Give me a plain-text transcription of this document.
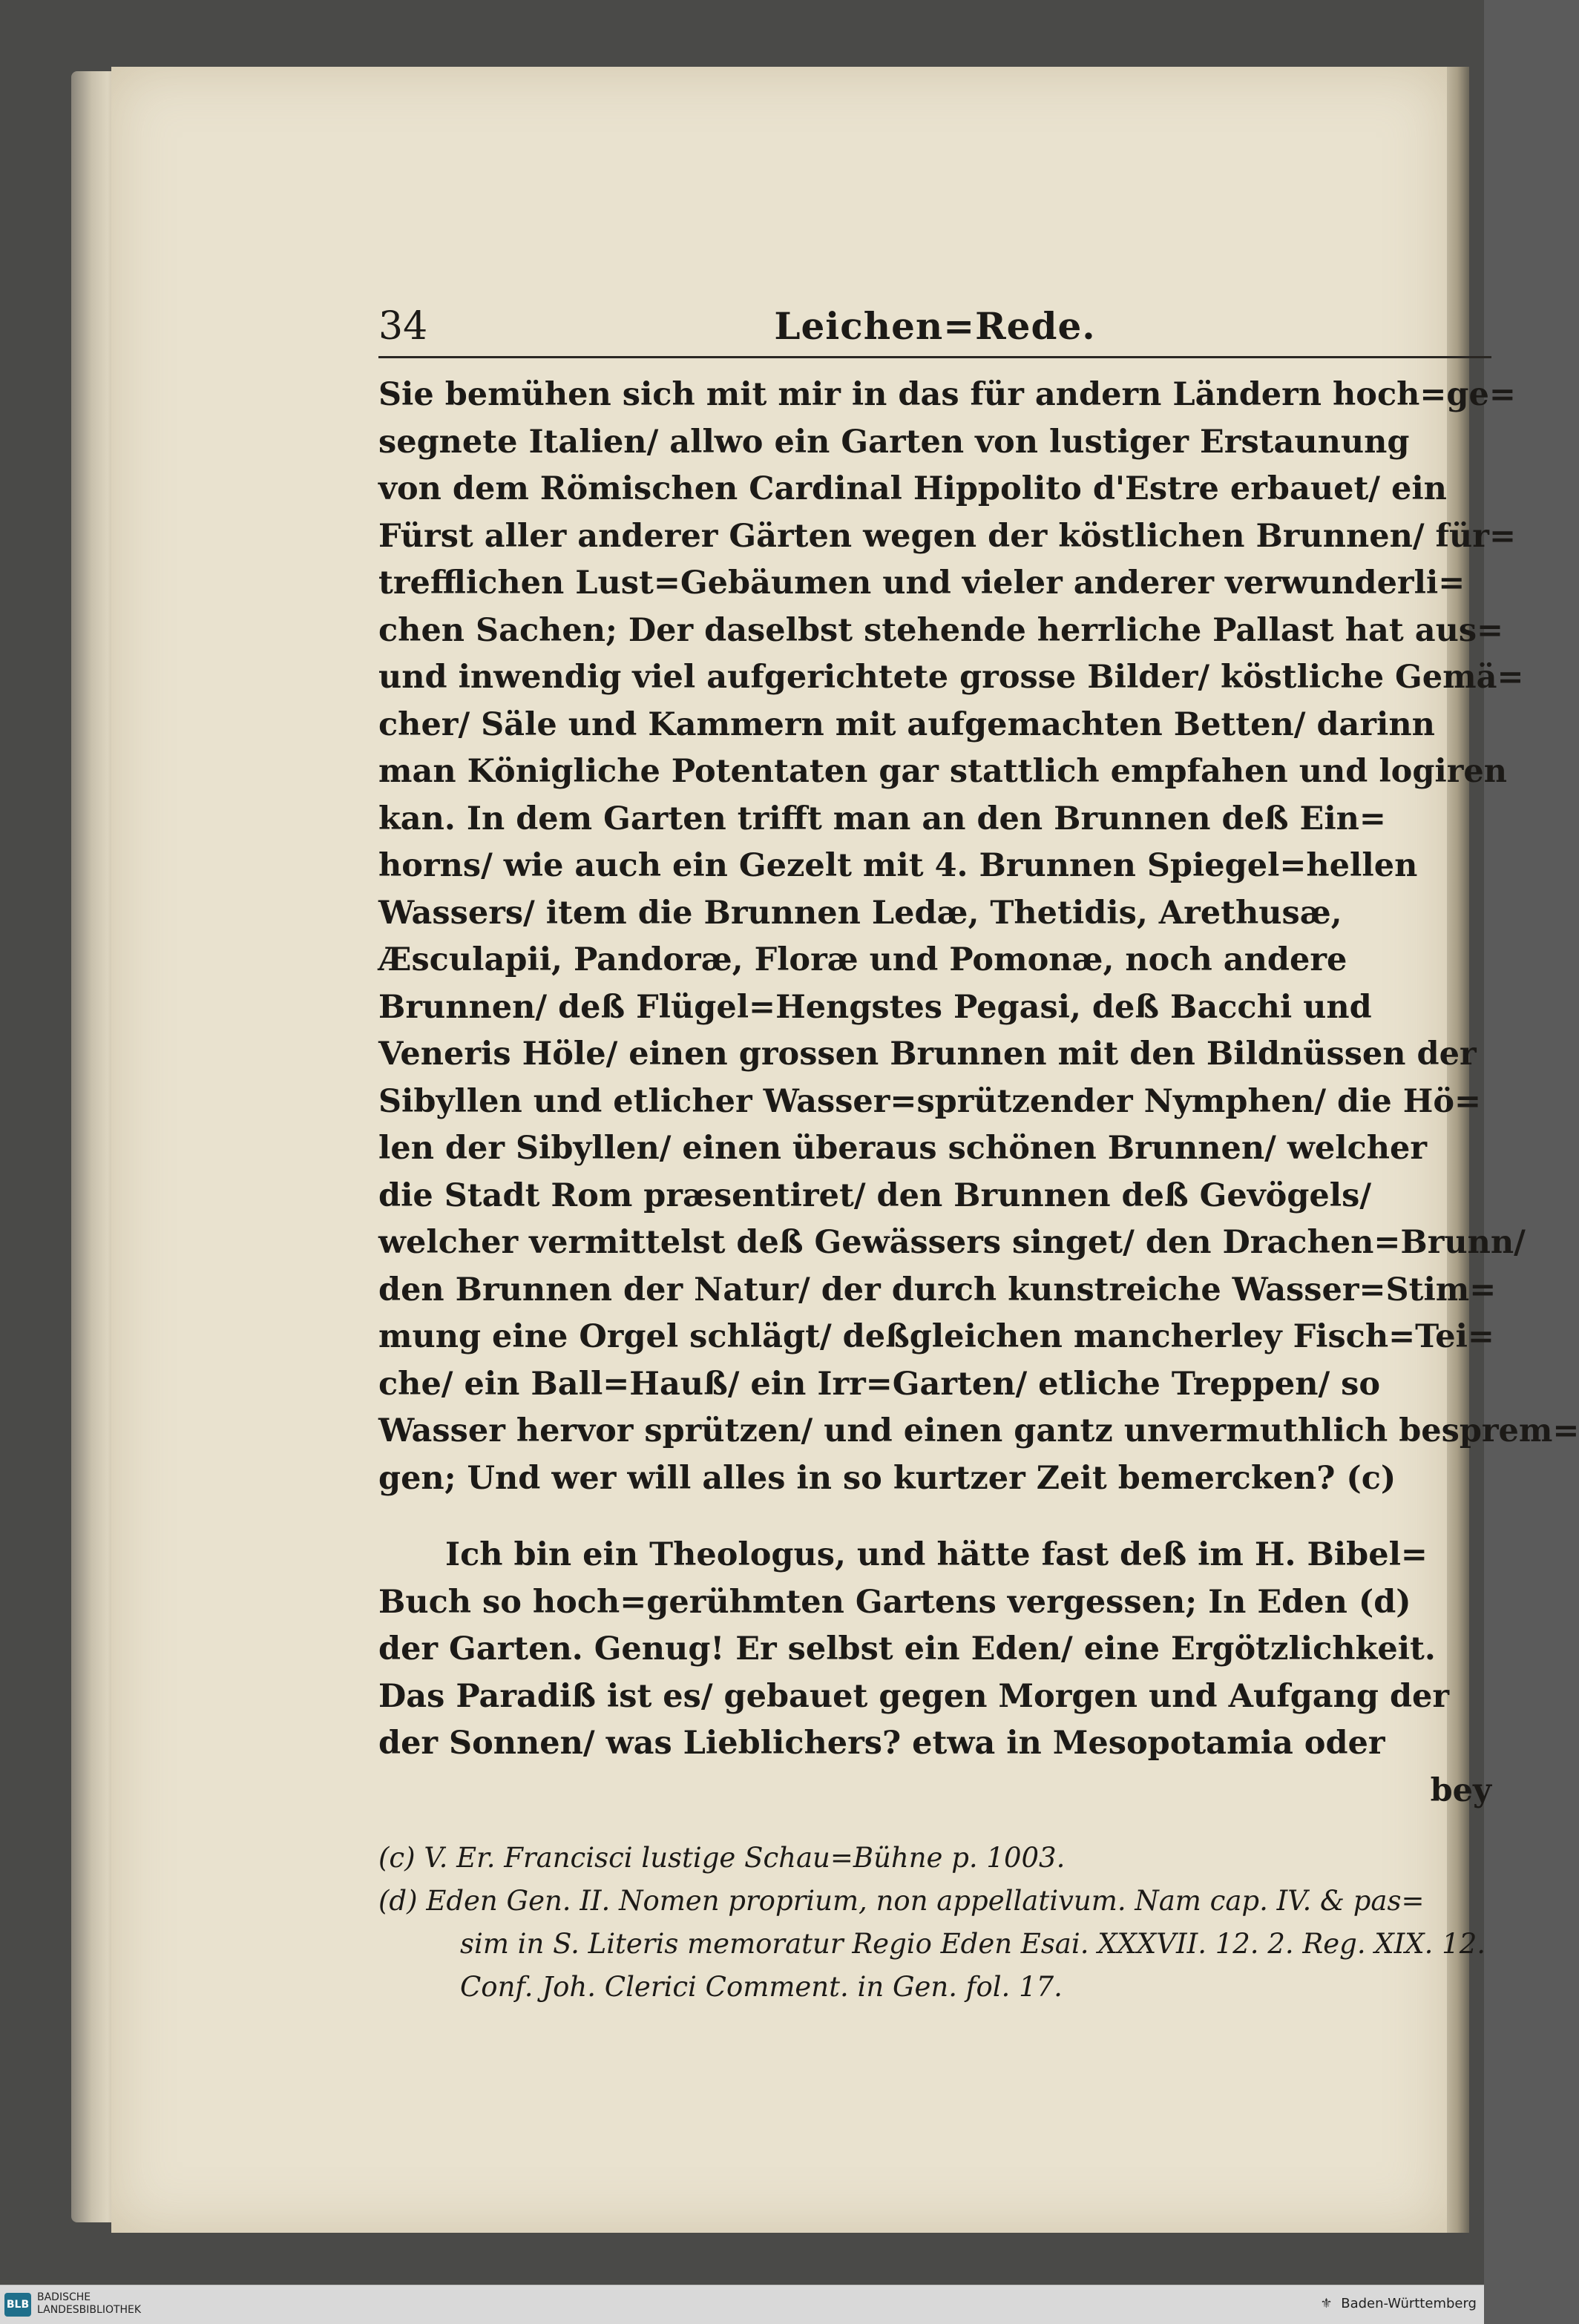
34	Leichen=Rede.
Sie bemühen sich mit mir in das für andern Ländern hoch=ge=
segnete Italien/ allwo ein Garten von lustiger Erstaunung
von dem Römischen Cardinal Hippolito d'Estre erbauet/ ein
Fürst aller anderer Gärten wegen der köstlichen Brunnen/ für=
trefflichen Lust=Gebäumen und vieler anderer verwunderli=
chen Sachen; Der daselbst stehende herrliche Pallast hat aus=
und inwendig viel aufgerichtete grosse Bilder/ köstliche Gemä=
cher/ Säle und Kammern mit aufgemachten Betten/ darinn
man Königliche Potentaten gar stattlich empfahen und logiren
kan. In dem Garten trifft man an den Brunnen deß Ein=
horns/ wie auch ein Gezelt mit 4. Brunnen Spiegel=hellen
Wassers/ item die Brunnen Ledæ, Thetidis, Arethusæ,
Æsculapii, Pandoræ, Floræ und Pomonæ, noch andere
Brunnen/ deß Flügel=Hengstes Pegasi, deß Bacchi und
Veneris Höle/ einen grossen Brunnen mit den Bildnüssen der
Sibyllen und etlicher Wasser=sprützender Nymphen/ die Hö=
len der Sibyllen/ einen überaus schönen Brunnen/ welcher
die Stadt Rom præsentiret/ den Brunnen deß Gevögels/
welcher vermittelst deß Gewässers singet/ den Drachen=Brunn/
den Brunnen der Natur/ der durch kunstreiche Wasser=Stim=
mung eine Orgel schlägt/ deßgleichen mancherley Fisch=Tei=
che/ ein Ball=Hauß/ ein Irr=Garten/ etliche Treppen/ so
Wasser hervor sprützen/ und einen gantz unvermuthlich besprem=
gen; Und wer will alles in so kurtzer Zeit bemercken? (c)
Ich bin ein Theologus, und hätte fast deß im H. Bibel=
Buch so hoch=gerühmten Gartens vergessen; In Eden (d)
der Garten. Genug! Er selbst ein Eden/ eine Ergötzlichkeit.
Das Paradiß ist es/ gebauet gegen Morgen und Aufgang der
der Sonnen/ was Lieblichers? etwa in Mesopotamia oder
bey
(c) V. Er. Francisci lustige Schau=Bühne p. 1003.
(d) Eden Gen. II. Nomen proprium, non appellativum. Nam cap. IV. & pas=
sim in S. Literis memoratur Regio Eden Esai. XXXVII. 12. 2. Reg. XIX. 12.
Conf. Joh. Clerici Comment. in Gen. fol. 17.
BLB
BADISCHE
LANDESBIBLIOTHEK	⚜ Baden-Württemberg
